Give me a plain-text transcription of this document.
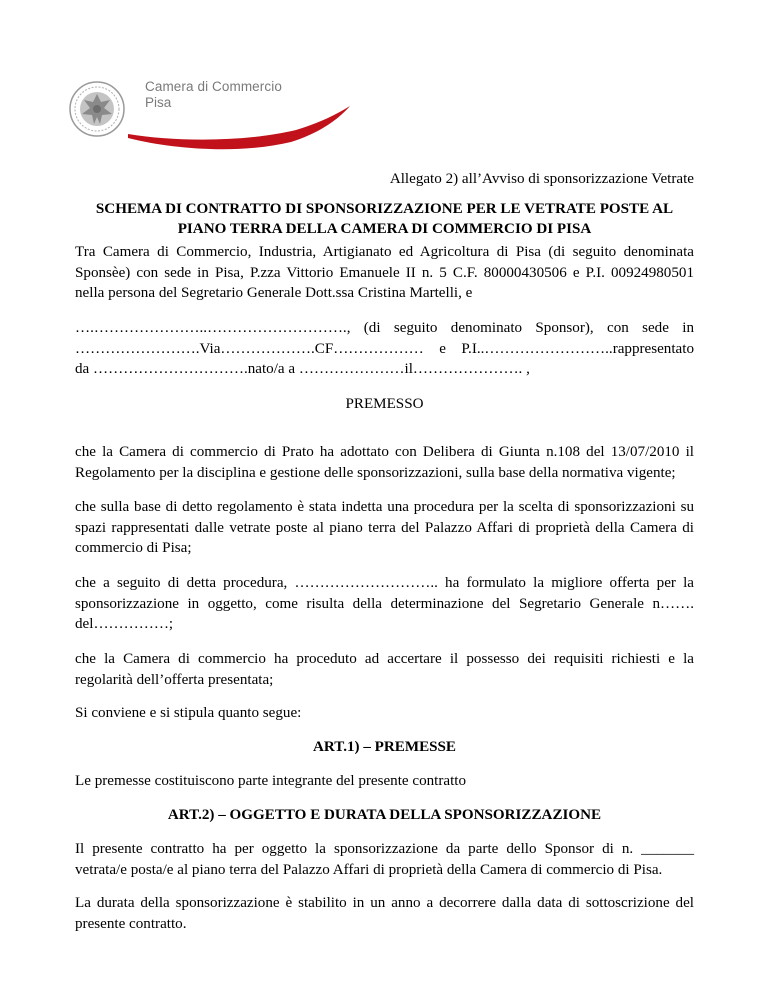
Camera di Commercio
Pisa
Allegato 2) all’Avviso di sponsorizzazione Vetrate
SCHEMA DI CONTRATTO DI SPONSORIZZAZIONE PER LE VETRATE POSTE AL
PIANO TERRA DELLA CAMERA DI COMMERCIO DI PISA
Tra Camera di Commercio, Industria, Artigianato ed Agricoltura di Pisa (di seguito denominata
Sponsèe) con sede in Pisa, P.zza Vittorio Emanuele II n. 5 C.F. 80000430506 e P.I. 00924980501
nella persona del Segretario Generale Dott.ssa Cristina Martelli, e
….…………………..………………………., (di seguito denominato Sponsor), con sede in
…………………….Via……………….CF……………… e P.I..……………………..rappresentato
da ………………………….nato/a a …………………il…………………. ,
PREMESSO
che la Camera di commercio di Prato ha adottato con Delibera di Giunta n.108 del 13/07/2010 il
Regolamento per la disciplina e gestione delle sponsorizzazioni, sulla base della normativa vigente;
che sulla base di detto regolamento è stata indetta una procedura per la scelta di sponsorizzazioni su
spazi rappresentati dalle vetrate poste al piano terra del Palazzo Affari di proprietà della Camera di
commercio di Pisa;
che a seguito di detta procedura, ……………………….. ha formulato la migliore offerta per la
sponsorizzazione in oggetto, come risulta della determinazione del Segretario Generale n…….
del……………;
che la Camera di commercio ha proceduto ad accertare il possesso dei requisiti richiesti e la
regolarità dell’offerta presentata;
Si conviene e si stipula quanto segue:
ART.1) – PREMESSE
Le premesse costituiscono parte integrante del presente contratto
ART.2) – OGGETTO E DURATA DELLA SPONSORIZZAZIONE
Il presente contratto ha per oggetto la sponsorizzazione da parte dello Sponsor di n. _______
vetrata/e posta/e al piano terra del Palazzo Affari di proprietà della Camera di commercio di Pisa.
La durata della sponsorizzazione è stabilito in un anno a decorrere dalla data di sottoscrizione del
presente contratto.
